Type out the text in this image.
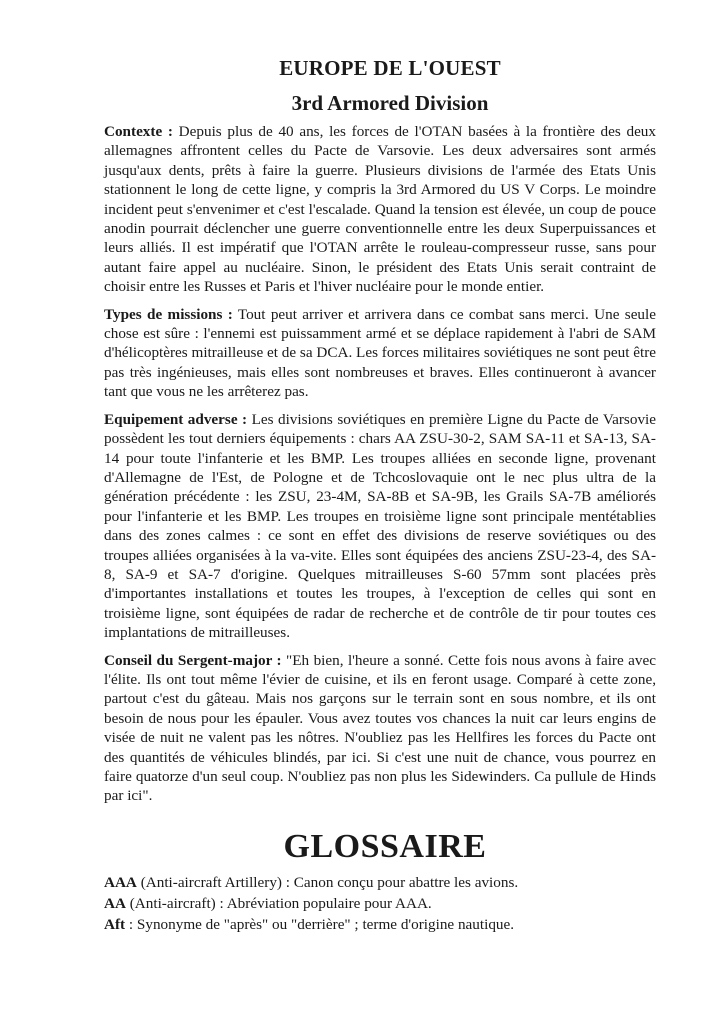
EUROPE DE L'OUEST
3rd Armored Division

Contexte : Depuis plus de 40 ans, les forces de l'OTAN basées à la frontière des deux allemagnes affrontent celles du Pacte de Varsovie. Les deux adversaires sont armés jusqu'aux dents, prêts à faire la guerre. Plusieurs divisions de l'armée des Etats Unis stationnent le long de cette ligne, y compris la 3rd Armored du US V Corps. Le moindre incident peut s'envenimer et c'est l'escalade. Quand la tension est élevée, un coup de pouce anodin pourrait déclencher une guerre conventionnelle entre les deux Superpuissances et leurs alliés. Il est impératif que l'OTAN arrête le rouleau-compresseur russe, sans pour autant faire appel au nucléaire. Sinon, le président des Etats Unis serait contraint de choisir entre les Russes et Paris et l'hiver nucléaire pour le monde entier.

Types de missions : Tout peut arriver et arrivera dans ce combat sans merci. Une seule chose est sûre : l'ennemi est puissamment armé et se déplace rapidement à l'abri de SAM d'hélicoptères mitrailleuse et de sa DCA. Les forces militaires soviétiques ne sont peut être pas très ingénieuses, mais elles sont nombreuses et braves. Elles continueront à avancer tant que vous ne les arrêterez pas.

Equipement adverse : Les divisions soviétiques en première Ligne du Pacte de Varsovie possèdent les tout derniers équipements : chars AA ZSU-30-2, SAM SA-11 et SA-13, SA-14 pour toute l'infanterie et les BMP. Les troupes alliées en seconde ligne, provenant d'Allemagne de l'Est, de Pologne et de Tchcoslovaquie ont le nec plus ultra de la génération précédente : les ZSU, 23-4M, SA-8B et SA-9B, les Grails SA-7B améliorés pour l'infanterie et les BMP. Les troupes en troisième ligne sont principale mentétablies dans des zones calmes : ce sont en effet des divisions de reserve soviétiques ou des troupes alliées organisées à la va-vite. Elles sont équipées des anciens ZSU-23-4, des SA-8, SA-9 et SA-7 d'origine. Quelques mitrailleuses S-60 57mm sont placées près d'importantes installations et toutes les troupes, à l'exception de celles qui sont en troisième ligne, sont équipées de radar de recherche et de contrôle de tir pour toutes ces implantations de mitrailleuses.

Conseil du Sergent-major : "Eh bien, l'heure a sonné. Cette fois nous avons à faire avec l'élite. Ils ont tout même l'évier de cuisine, et ils en feront usage. Comparé à cette zone, partout c'est du gâteau. Mais nos garçons sur le terrain sont en sous nombre, et ils ont besoin de nous pour les épauler. Vous avez toutes vos chances la nuit car leurs engins de visée de nuit ne valent pas les nôtres. N'oubliez pas les Hellfires les forces du Pacte ont des quantités de véhicules blindés, par ici. Si c'est une nuit de chance, vous pourrez en faire quatorze d'un seul coup. N'oubliez pas non plus les Sidewinders. Ca pullule de Hinds par ici".

GLOSSAIRE

AAA (Anti-aircraft Artillery) : Canon conçu pour abattre les avions.

AA (Anti-aircraft) : Abréviation populaire pour AAA.

Aft : Synonyme de "après" ou "derrière" ; terme d'origine nautique.
